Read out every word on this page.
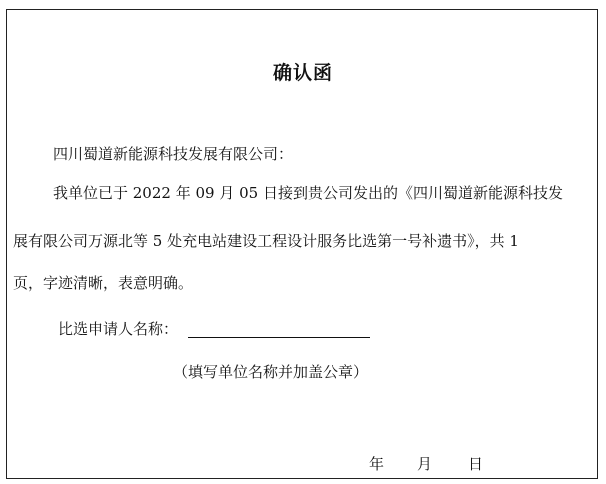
确认函
四川蜀道新能源科技发展有限公司：
我单位已于 2022 年 09 月 05 日接到贵公司发出的《四川蜀道新能源科技发
展有限公司万源北等 5 处充电站建设工程设计服务比选第一号补遗书》，共 1
页，字迹清晰，表意明确。
比选申请人名称：
（填写单位名称并加盖公章）
年 月 日
